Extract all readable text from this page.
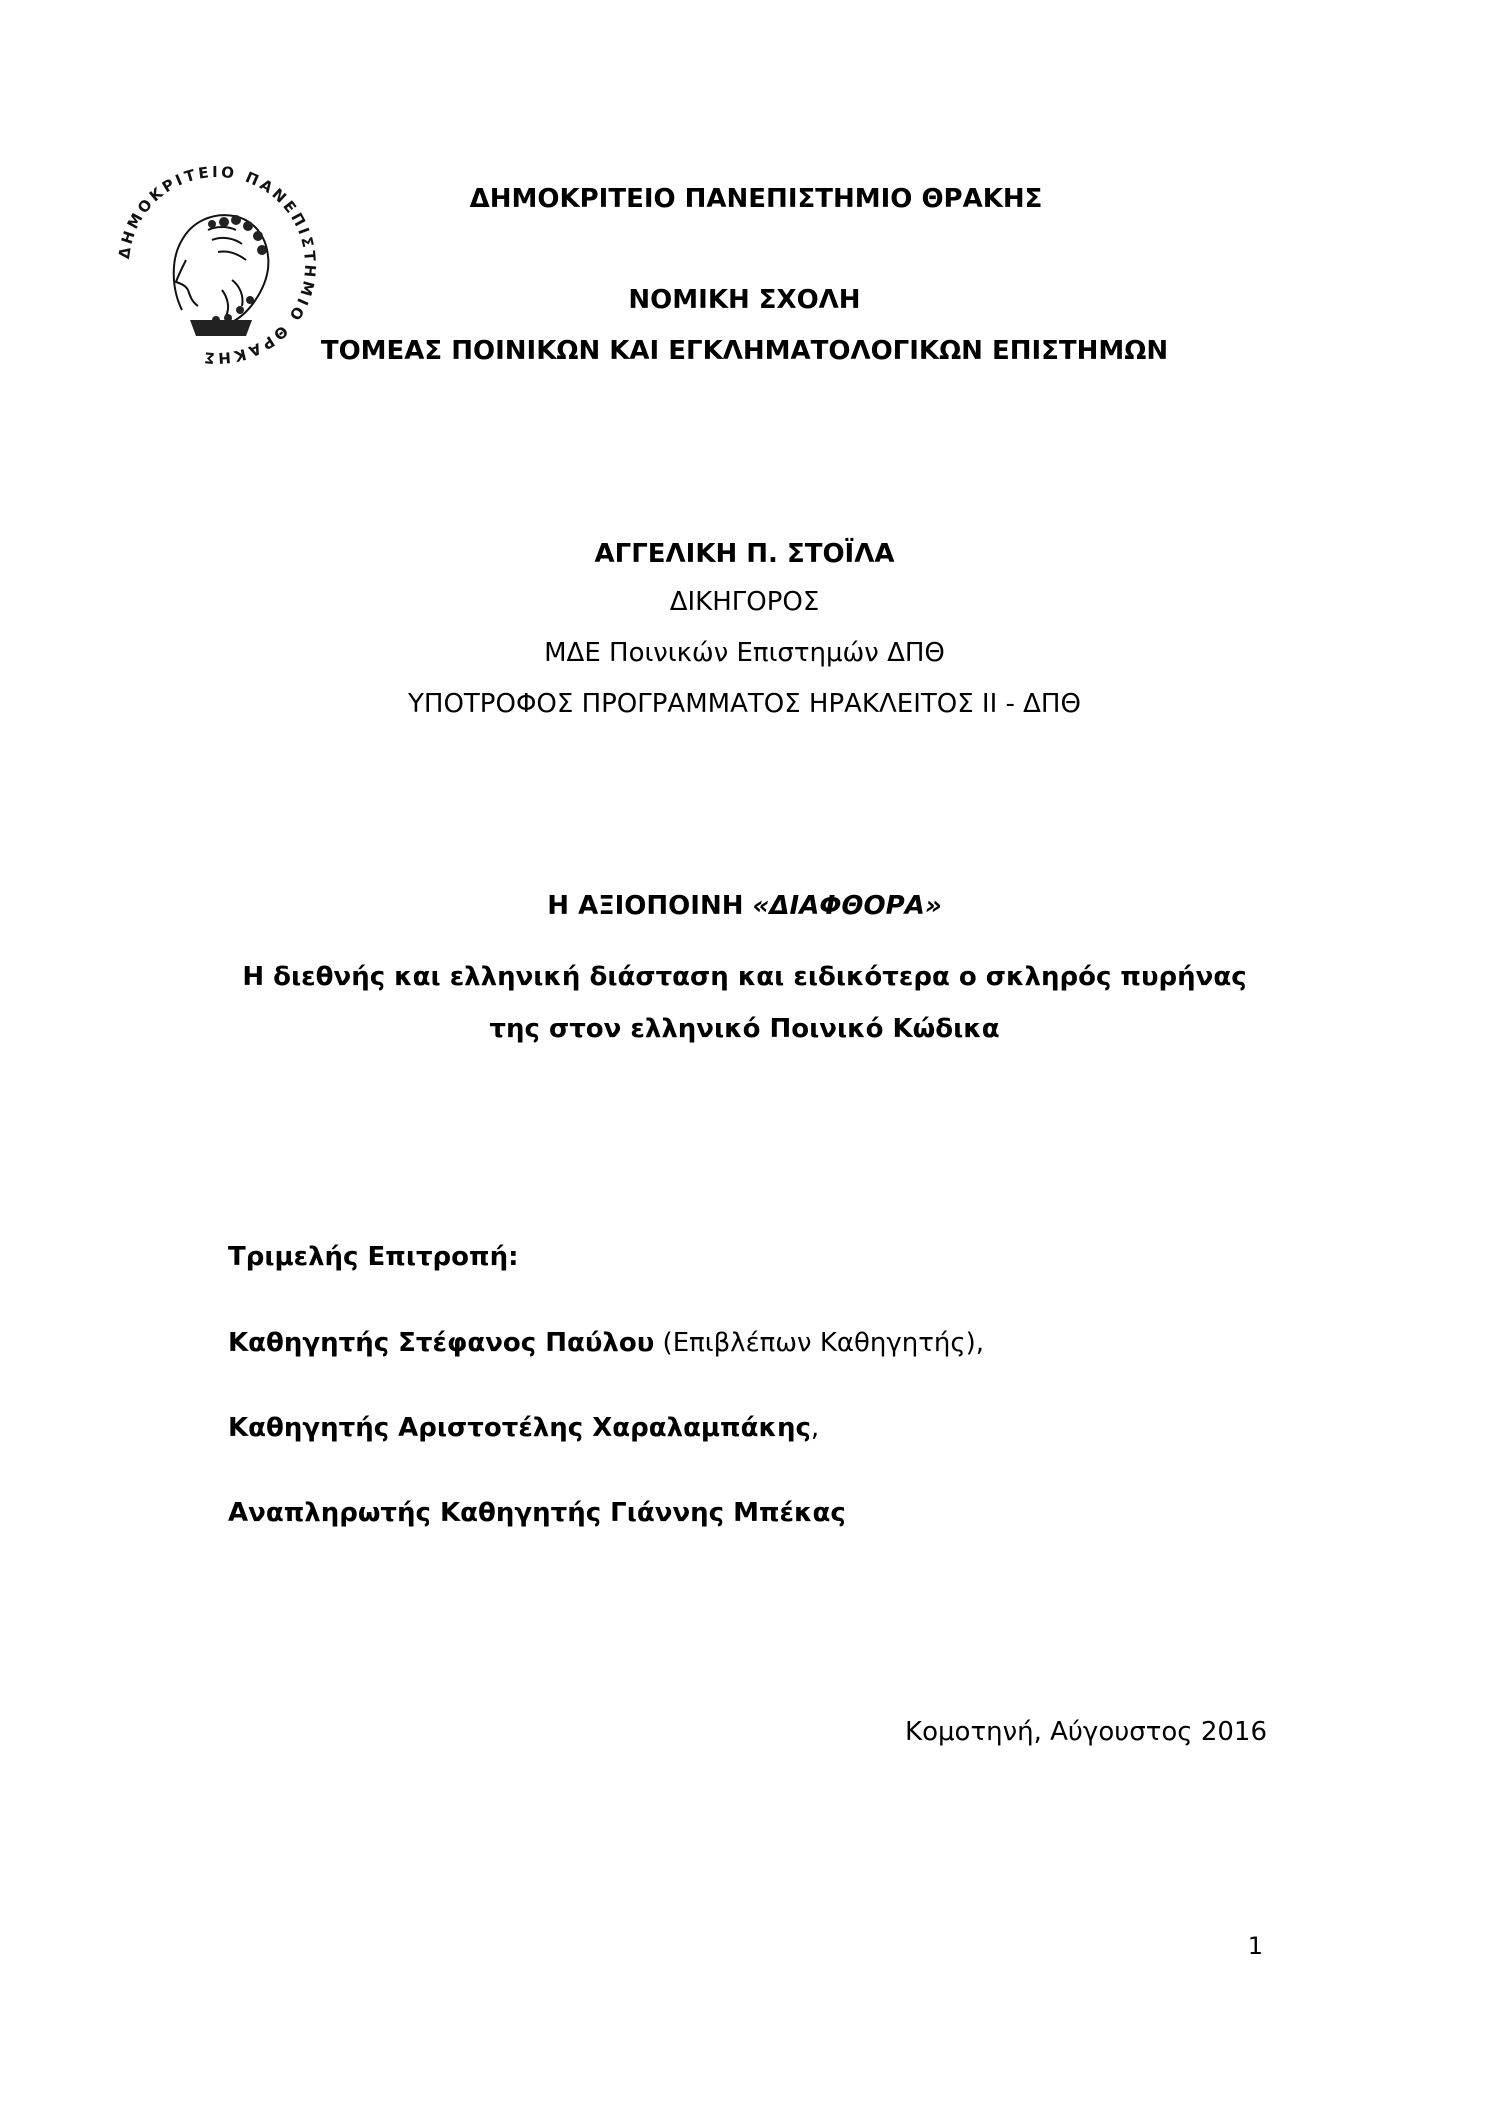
ΔΗΜΟΚΡΙΤΕΙΟ ΠΑΝΕΠΙΣΤΗΜΙΟ ΘΡΑΚΗΣ
ΔΗΜΟΚΡΙΤΕΙΟ ΠΑΝΕΠΙΣΤΗΜΙΟ ΘΡΑΚΗΣ
ΝΟΜΙΚΗ ΣΧΟΛΗ
ΤΟΜΕΑΣ ΠΟΙΝΙΚΩΝ ΚΑΙ ΕΓΚΛΗΜΑΤΟΛΟΓΙΚΩΝ ΕΠΙΣΤΗΜΩΝ
ΑΓΓΕΛΙΚΗ Π. ΣΤΟΪΛΑ
ΔΙΚΗΓΟΡΟΣ
ΜΔΕ Ποινικών Επιστημών ΔΠΘ
ΥΠΟΤΡΟΦΟΣ ΠΡΟΓΡΑΜΜΑΤΟΣ ΗΡΑΚΛΕΙΤΟΣ ΙΙ - ΔΠΘ
Η ΑΞΙΟΠΟΙΝΗ «ΔΙΑΦΘΟΡΑ»
Η διεθνής και ελληνική διάσταση και ειδικότερα ο σκληρός πυρήνας
της στον ελληνικό Ποινικό Κώδικα
Τριμελής Επιτροπή:
Καθηγητής Στέφανος Παύλου (Επιβλέπων Καθηγητής),
Καθηγητής Αριστοτέλης Χαραλαμπάκης,
Αναπληρωτής Καθηγητής Γιάννης Μπέκας
Κομοτηνή, Αύγουστος 2016
1
